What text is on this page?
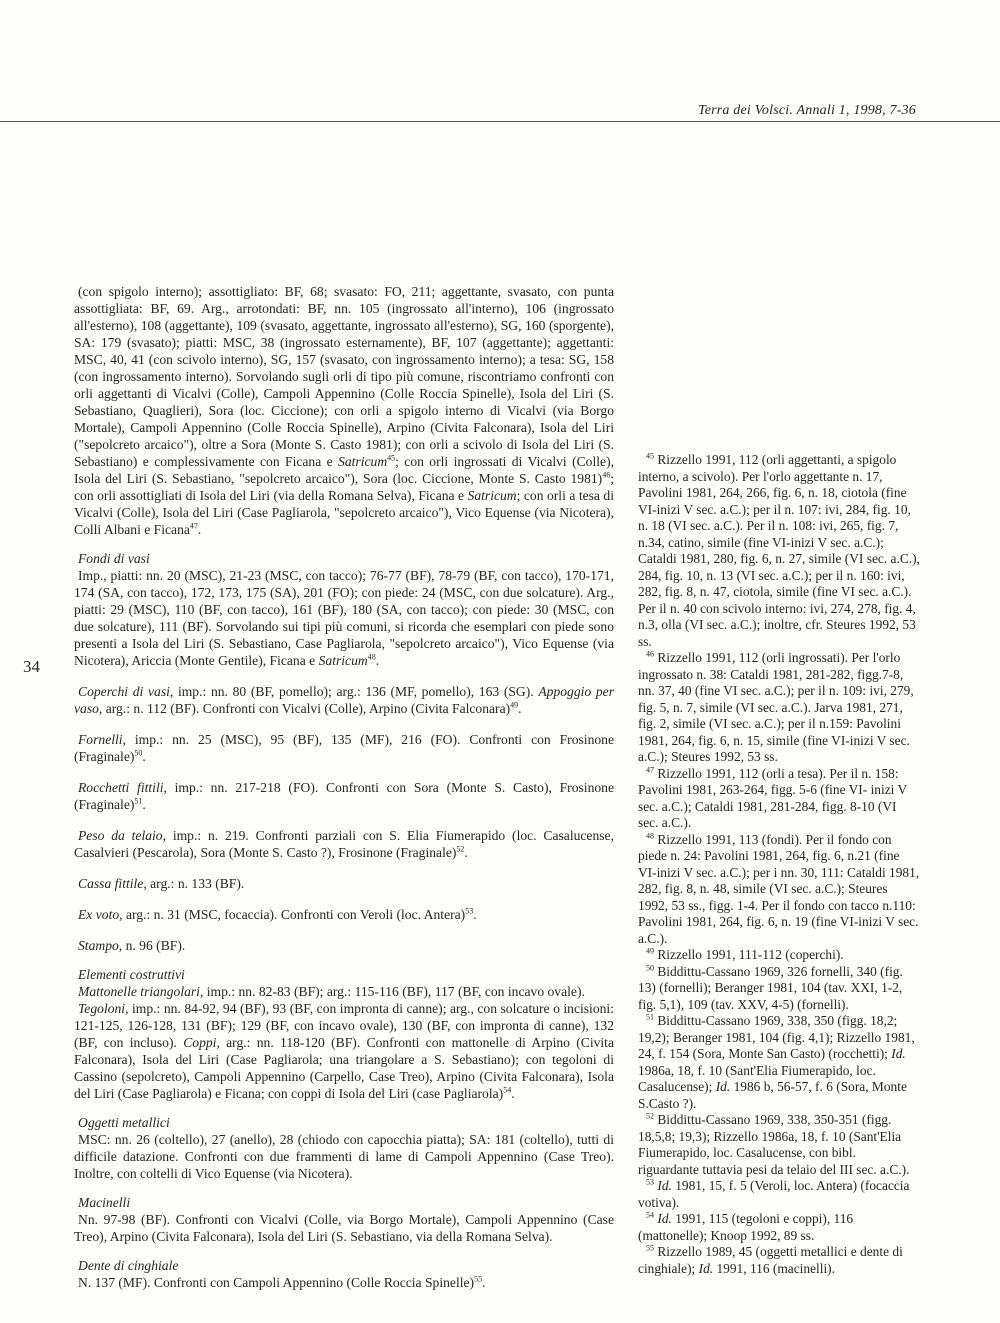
Terra dei Volsci. Annali 1, 1998, 7-36
34

(con spigolo interno); assottigliato: BF, 68; svasato: FO, 211; aggettante, svasato, con punta assottigliata: BF, 69. Arg., arrotondati: BF, nn. 105 (ingrossato all'interno), 106 (ingrossato all'esterno), 108 (aggettante), 109 (svasato, aggettante, ingrossato all'esterno), SG, 160 (sporgente), SA: 179 (svasato); piatti: MSC, 38 (ingrossato esternamente), BF, 107 (aggettante); aggettanti: MSC, 40, 41 (con scivolo interno), SG, 157 (svasato, con ingrossamento interno); a tesa: SG, 158 (con ingrossamento interno). Sorvolando sugli orli di tipo più comune, riscontriamo confronti con orli aggettanti di Vicalvi (Colle), Campoli Appennino (Colle Roccia Spinelle), Isola del Liri (S. Sebastiano, Quaglieri), Sora (loc. Ciccione); con orli a spigolo interno di Vicalvi (via Borgo Mortale), Campoli Appennino (Colle Roccia Spinelle), Arpino (Civita Falconara), Isola del Liri ("sepolcreto arcaico"), oltre a Sora (Monte S. Casto 1981); con orli a scivolo di Isola del Liri (S. Sebastiano) e complessivamente con Ficana e Satricum$^{45}$; con orli ingrossati di Vicalvi (Colle), Isola del Liri (S. Sebastiano, "sepolcreto arcaico"), Sora (loc. Ciccione, Monte S. Casto 1981)$^{46}$; con orli assottigliati di Isola del Liri (via della Romana Selva), Ficana e Satricum; con orli a tesa di Vicalvi (Colle), Isola del Liri (Case Pagliarola, "sepolcreto arcaico"), Vico Equense (via Nicotera), Colli Albani e Ficana$^{47}$.

Fondi di vasi

Imp., piatti: nn. 20 (MSC), 21-23 (MSC, con tacco); 76-77 (BF), 78-79 (BF, con tacco), 170-171, 174 (SA, con tacco), 172, 173, 175 (SA), 201 (FO); con piede: 24 (MSC, con due solcature). Arg., piatti: 29 (MSC), 110 (BF, con tacco), 161 (BF), 180 (SA, con tacco); con piede: 30 (MSC, con due solcature), 111 (BF). Sorvolando sui tipi più comuni, si ricorda che esemplari con piede sono presenti a Isola del Liri (S. Sebastiano, Case Pagliarola, "sepolcreto arcaico"), Vico Equense (via Nicotera), Ariccia (Monte Gentile), Ficana e Satricum$^{48}$.

Coperchi di vasi, imp.: nn. 80 (BF, pomello); arg.: 136 (MF, pomello), 163 (SG). Appoggio per vaso, arg.: n. 112 (BF). Confronti con Vicalvi (Colle), Arpino (Civita Falconara)$^{49}$.

Fornelli, imp.: nn. 25 (MSC), 95 (BF), 135 (MF), 216 (FO). Confronti con Frosinone (Fraginale)$^{50}$.

Rocchetti fittili, imp.: nn. 217-218 (FO). Confronti con Sora (Monte S. Casto), Frosinone (Fraginale)$^{51}$.

Peso da telaio, imp.: n. 219. Confronti parziali con S. Elia Fiumerapido (loc. Casalucense, Casalvieri (Pescarola), Sora (Monte S. Casto ?), Frosinone (Fraginale)$^{52}$.

Cassa fittile, arg.: n. 133 (BF).

Ex voto, arg.: n. 31 (MSC, focaccia). Confronti con Veroli (loc. Antera)$^{53}$.

Stampo, n. 96 (BF).

Elementi costruttivi

Mattonelle triangolari, imp.: nn. 82-83 (BF); arg.: 115-116 (BF), 117 (BF, con incavo ovale).

Tegoloni, imp.: nn. 84-92, 94 (BF), 93 (BF, con impronta di canne); arg., con solcature o incisioni: 121-125, 126-128, 131 (BF); 129 (BF, con incavo ovale), 130 (BF, con impronta di canne), 132 (BF, con incluso). Coppi, arg.: nn. 118-120 (BF). Confronti con mattonelle di Arpino (Civita Falconara), Isola del Liri (Case Pagliarola; una triangolare a S. Sebastiano); con tegoloni di Cassino (sepolcreto), Campoli Appennino (Carpello, Case Treo), Arpino (Civita Falconara), Isola del Liri (Case Pagliarola) e Ficana; con coppi di Isola del Liri (case Pagliarola)$^{54}$.

Oggetti metallici

MSC: nn. 26 (coltello), 27 (anello), 28 (chiodo con capocchia piatta); SA: 181 (coltello), tutti di difficile datazione. Confronti con due frammenti di lame di Campoli Appennino (Case Treo). Inoltre, con coltelli di Vico Equense (via Nicotera).

Macinelli

Nn. 97-98 (BF). Confronti con Vicalvi (Colle, via Borgo Mortale), Campoli Appennino (Case Treo), Arpino (Civita Falconara), Isola del Liri (S. Sebastiano, via della Romana Selva).

Dente di cinghiale

N. 137 (MF). Confronti con Campoli Appennino (Colle Roccia Spinelle)$^{55}$.

$^{45}$ Rizzello 1991, 112 (orli aggettanti, a spigolo interno, a scivolo). Per l'orlo aggettante n. 17, Pavolini 1981, 264, 266, fig. 6, n. 18, ciotola (fine VI-inizi V sec. a.C.); per il n. 107: ivi, 284, fig. 10, n. 18 (VI sec. a.C.). Per il n. 108: ivi, 265, fig. 7, n.34, catino, simile (fine VI-inizi V sec. a.C.); Cataldi 1981, 280, fig. 6, n. 27, simile (VI sec. a.C.), 284, fig. 10, n. 13 (VI sec. a.C.); per il n. 160: ivi, 282, fig. 8, n. 47, ciotola, simile (fine VI sec. a.C.). Per il n. 40 con scivolo interno: ivi, 274, 278, fig. 4, n.3, olla (VI sec. a.C.); inoltre, cfr. Steures 1992, 53 ss.

$^{46}$ Rizzello 1991, 112 (orli ingrossati). Per l'orlo ingrossato n. 38: Cataldi 1981, 281-282, figg.7-8, nn. 37, 40 (fine VI sec. a.C.); per il n. 109: ivi, 279, fig. 5, n. 7, simile (VI sec. a.C.). Jarva 1981, 271, fig. 2, simile (VI sec. a.C.); per il n.159: Pavolini 1981, 264, fig. 6, n. 15, simile (fine VI-inizi V sec. a.C.); Steures 1992, 53 ss.

$^{47}$ Rizzello 1991, 112 (orli a tesa). Per il n. 158: Pavolini 1981, 263-264, figg. 5-6 (fine VI- inizi V sec. a.C.); Cataldi 1981, 281-284, figg. 8-10 (VI sec. a.C.).

$^{48}$ Rizzello 1991, 113 (fondi). Per il fondo con piede n. 24: Pavolini 1981, 264, fig. 6, n.21 (fine VI-inizi V sec. a.C.); per i nn. 30, 111: Cataldi 1981, 282, fig. 8, n. 48, simile (VI sec. a.C.); Steures 1992, 53 ss., figg. 1-4. Per il fondo con tacco n.110: Pavolini 1981, 264, fig. 6, n. 19 (fine VI-inizi V sec. a.C.).

$^{49}$ Rizzello 1991, 111-112 (coperchi).

$^{50}$ Biddittu-Cassano 1969, 326 fornelli, 340 (fig. 13) (fornelli); Beranger 1981, 104 (tav. XXI, 1-2, fig. 5,1), 109 (tav. XXV, 4-5) (fornelli).

$^{51}$ Biddittu-Cassano 1969, 338, 350 (figg. 18,2; 19,2); Beranger 1981, 104 (fig. 4,1); Rizzello 1981, 24, f. 154 (Sora, Monte San Casto) (rocchetti); Id. 1986a, 18, f. 10 (Sant'Elia Fiumerapido, loc. Casalucense); Id. 1986 b, 56-57, f. 6 (Sora, Monte S.Casto ?).

$^{52}$ Biddittu-Cassano 1969, 338, 350-351 (figg. 18,5,8; 19,3); Rizzello 1986a, 18, f. 10 (Sant'Elia Fiumerapido, loc. Casalucense, con bibl. riguardante tuttavia pesi da telaio del III sec. a.C.).

$^{53}$ Id. 1981, 15, f. 5 (Veroli, loc. Antera) (focaccia votiva).

$^{54}$ Id. 1991, 115 (tegoloni e coppi), 116 (mattonelle); Knoop 1992, 89 ss.

$^{55}$ Rizzello 1989, 45 (oggetti metallici e dente di cinghiale); Id. 1991, 116 (macinelli).
